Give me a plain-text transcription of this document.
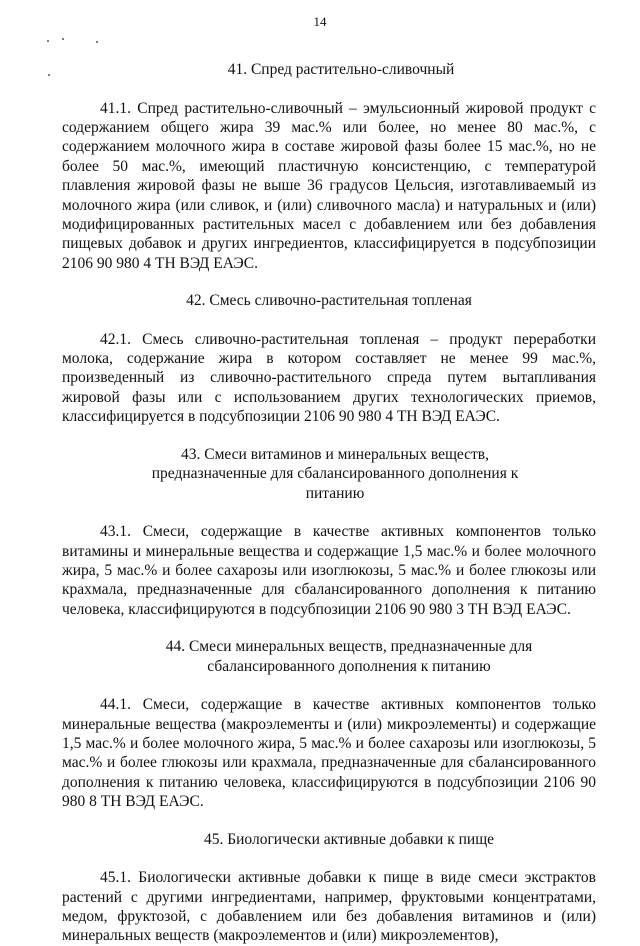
14
41. Спред растительно-сливочный

41.1. Спред растительно-сливочный – эмульсионный жировой продукт с содержанием общего жира 39 мас.% или более, но менее 80 мас.%, с содержанием молочного жира в составе жировой фазы более 15 мас.%, но не более 50 мас.%, имеющий пластичную консистенцию, с температурой плавления жировой фазы не выше 36 градусов Цельсия, изготавливаемый из молочного жира (или сливок, и (или) сливочного масла) и натуральных и (или) модифицированных растительных масел с добавлением или без добавления пищевых добавок и других ингредиентов, классифицируется в подсубпозиции 2106 90 980 4 ТН ВЭД ЕАЭС.

42. Смесь сливочно-растительная топленая

42.1. Смесь сливочно-растительная топленая – продукт переработки молока, содержание жира в котором составляет не менее 99 мас.%, произведенный из сливочно-растительного спреда путем вытапливания жировой фазы или с использованием других технологических приемов, классифицируется в подсубпозиции 2106 90 980 4 ТН ВЭД ЕАЭС.

43. Смеси витаминов и минеральных веществ, предназначенные для сбалансированного дополнения к питанию

43.1. Смеси, содержащие в качестве активных компонентов только витамины и минеральные вещества и содержащие 1,5 мас.% и более молочного жира, 5 мас.% и более сахарозы или изоглюкозы, 5 мас.% и более глюкозы или крахмала, предназначенные для сбалансированного дополнения к питанию человека, классифицируются в подсубпозиции 2106 90 980 3 ТН ВЭД ЕАЭС.

44. Смеси минеральных веществ, предназначенные для сбалансированного дополнения к питанию

44.1. Смеси, содержащие в качестве активных компонентов только минеральные вещества (макроэлементы и (или) микроэлементы) и содержащие 1,5 мас.% и более молочного жира, 5 мас.% и более сахарозы или изоглюкозы, 5 мас.% и более глюкозы или крахмала, предназначенные для сбалансированного дополнения к питанию человека, классифицируются в подсубпозиции 2106 90 980 8 ТН ВЭД ЕАЭС.

45. Биологически активные добавки к пище

45.1. Биологически активные добавки к пище в виде смеси экстрактов растений с другими ингредиентами, например, фруктовыми концентратами, медом, фруктозой, с добавлением или без добавления витаминов и (или) минеральных веществ (макроэлементов и (или) микроэлементов),
